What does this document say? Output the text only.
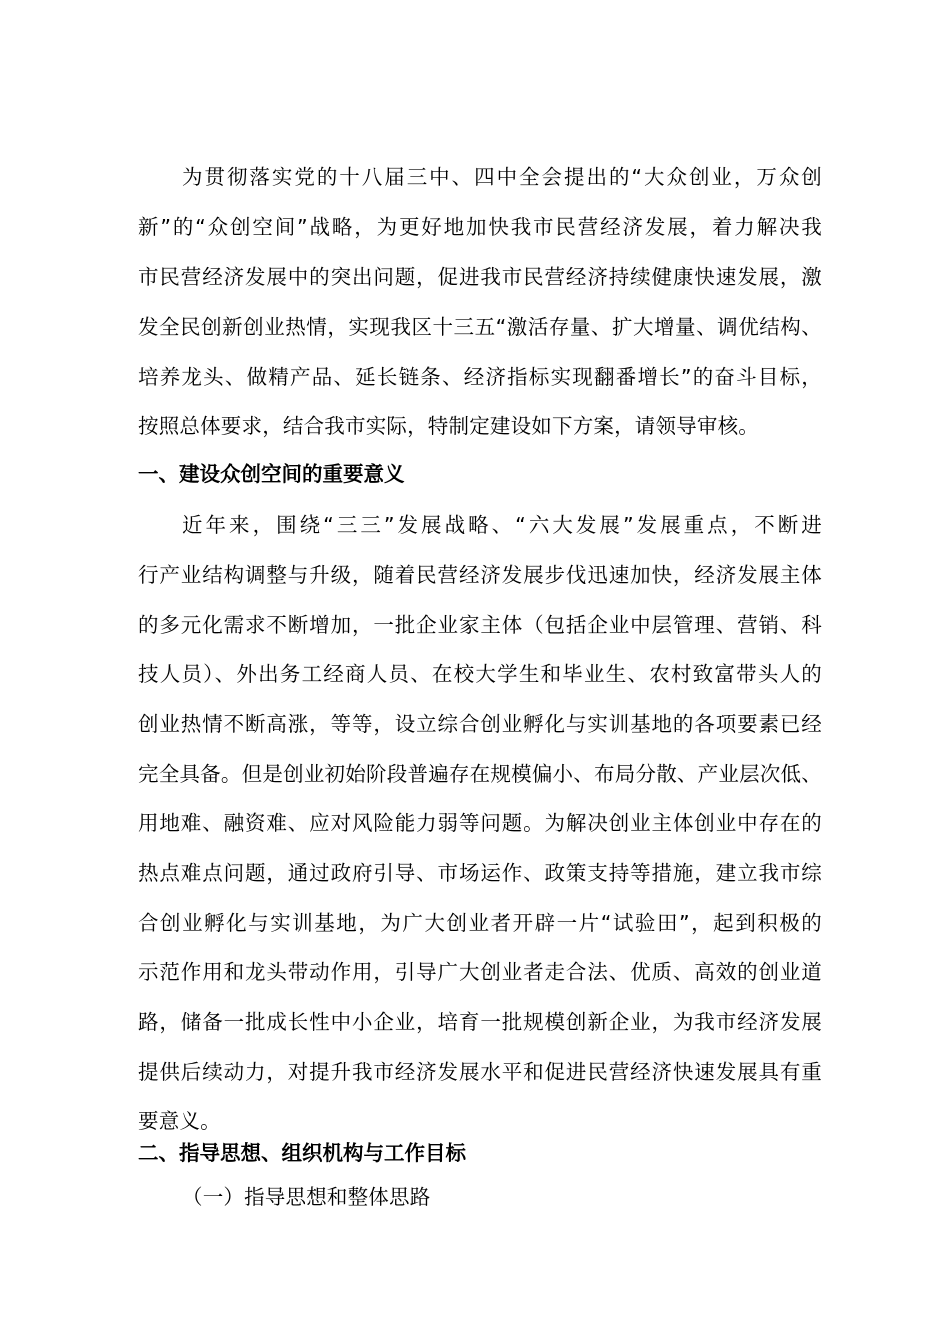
为贯彻落实党的十八届三中、四中全会提出的“大众创业，万众创
新”的“众创空间”战略，为更好地加快我市民营经济发展，着力解决我
市民营经济发展中的突出问题，促进我市民营经济持续健康快速发展，激
发全民创新创业热情，实现我区十三五“激活存量、扩大增量、调优结构、
培养龙头、做精产品、延长链条、经济指标实现翻番增长”的奋斗目标，
按照总体要求，结合我市实际，特制定建设如下方案，请领导审核。
一、建设众创空间的重要意义
近年来，围绕“三三”发展战略、“六大发展”发展重点，不断进
行产业结构调整与升级，随着民营经济发展步伐迅速加快，经济发展主体
的多元化需求不断增加，一批企业家主体（包括企业中层管理、营销、科
技人员）、外出务工经商人员、在校大学生和毕业生、农村致富带头人的
创业热情不断高涨，等等，设立综合创业孵化与实训基地的各项要素已经
完全具备。但是创业初始阶段普遍存在规模偏小、布局分散、产业层次低、
用地难、融资难、应对风险能力弱等问题。为解决创业主体创业中存在的
热点难点问题，通过政府引导、市场运作、政策支持等措施，建立我市综
合创业孵化与实训基地，为广大创业者开辟一片“试验田”，起到积极的
示范作用和龙头带动作用，引导广大创业者走合法、优质、高效的创业道
路，储备一批成长性中小企业，培育一批规模创新企业，为我市经济发展
提供后续动力，对提升我市经济发展水平和促进民营经济快速发展具有重
要意义。
二、指导思想、组织机构与工作目标
（一）指导思想和整体思路
